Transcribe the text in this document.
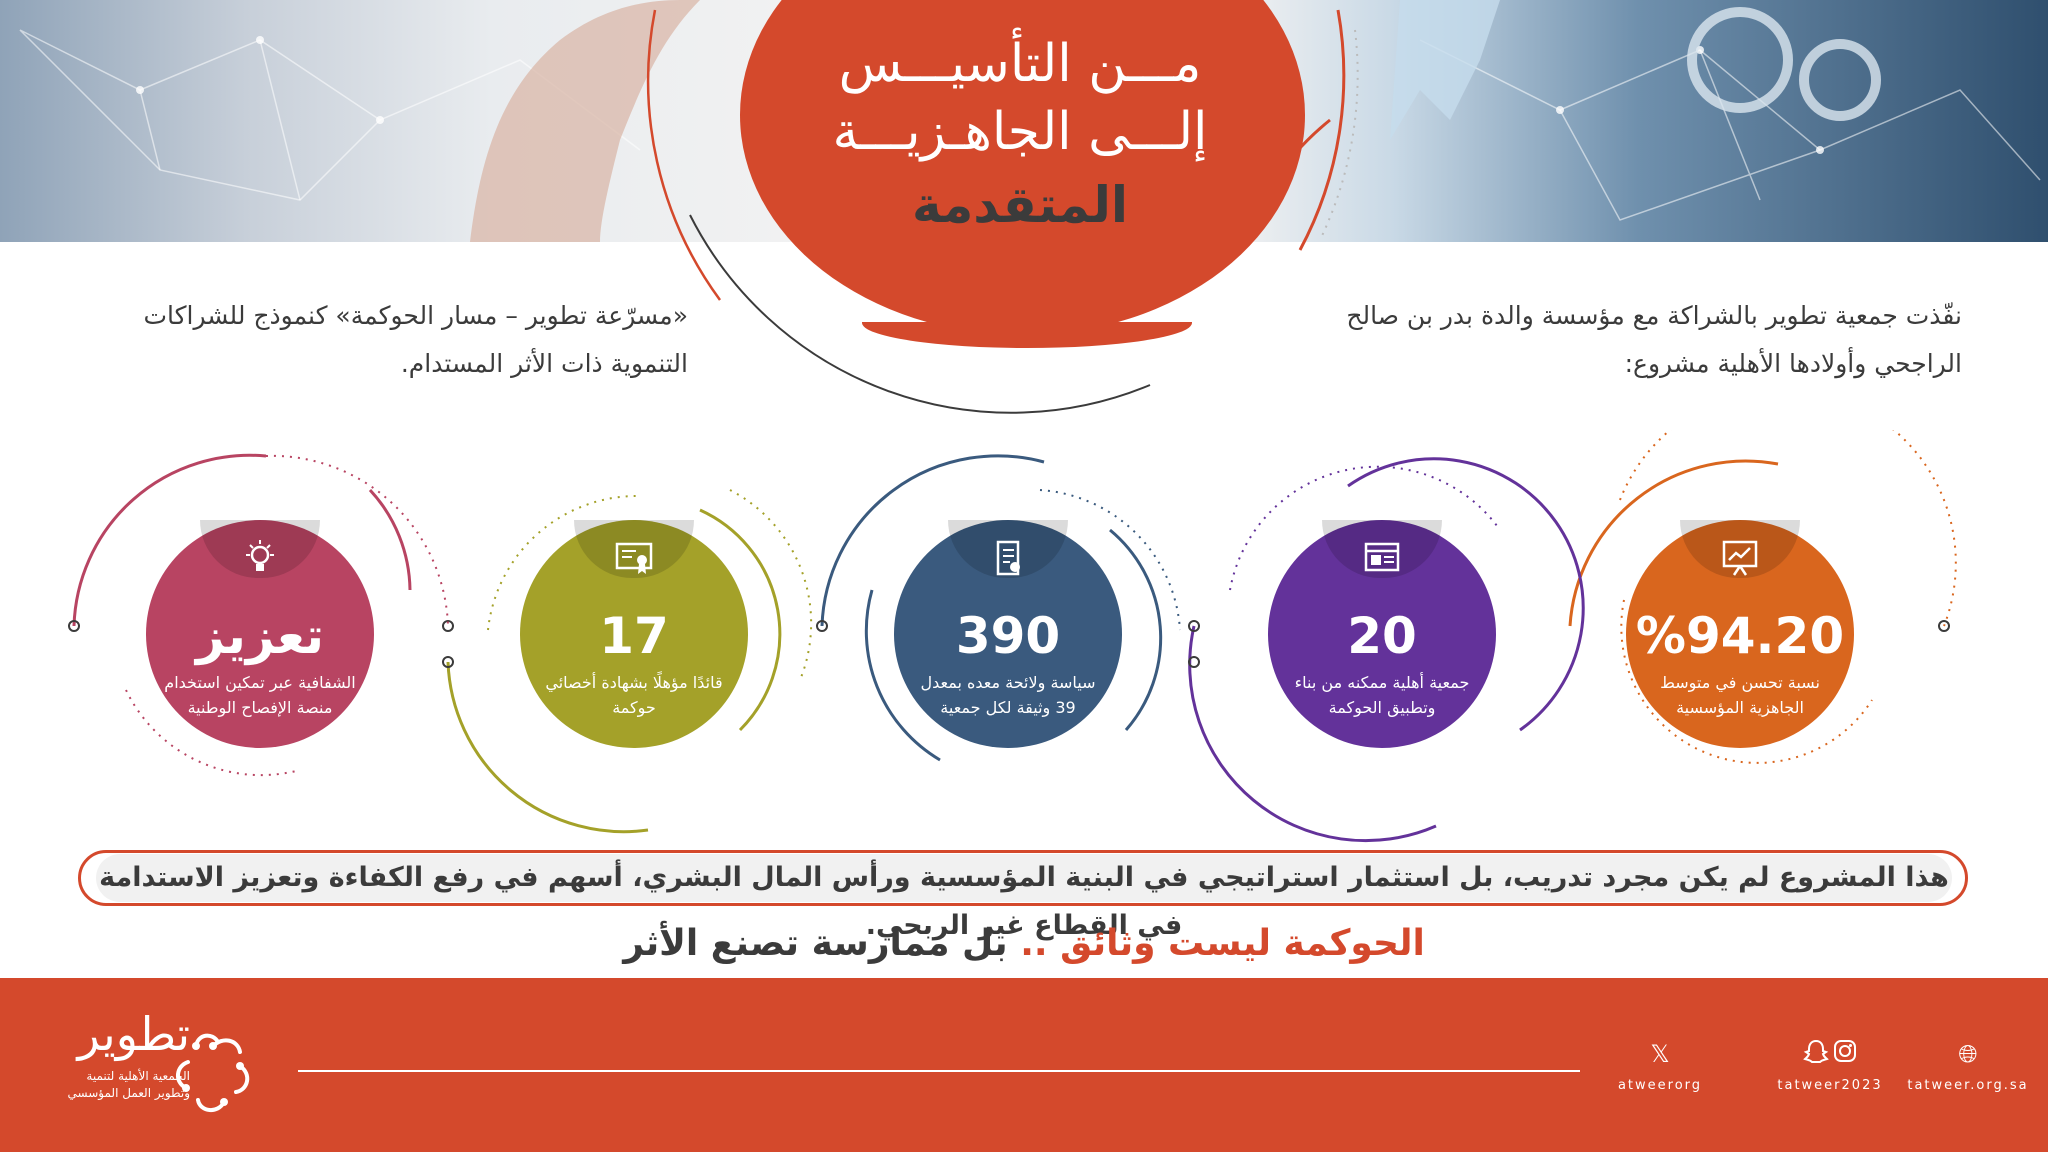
مـــن التأسيـــس
إلـــى الجاهـزيـــة
المتقدمة
نفّذت جمعية تطوير بالشراكة مع مؤسسة والدة بدر بن صالح الراجحي وأولادها الأهلية مشروع:
«مسرّعة تطوير – مسار الحوكمة» كنموذج للشراكات التنموية ذات الأثر المستدام.
%94.20
نسبة تحسن في متوسط الجاهزية المؤسسية
20
جمعية أهلية ممكنه من بناء وتطبيق الحوكمة
390
سياسة ولائحة معده بمعدل 39 وثيقة لكل جمعية
17
قائدًا مؤهلًا بشهادة أخصائي حوكمة
تعزيز
الشفافية عبر تمكين استخدام منصة الإفصاح الوطنية
هذا المشروع لم يكن مجرد تدريب، بل استثمار استراتيجي في البنية المؤسسية ورأس المال البشري، أسهم في رفع الكفاءة وتعزيز الاستدامة في القطاع غير الربحي.
الحوكمة ليست وثائق .. بل ممارسة تصنع الأثر
🌐︎
tatweer.org.sa
tatweer2023
𝕏
atweerorg
تطوير
الجمعية الأهلية لتنمية
وتطوير العمل المؤسسي
